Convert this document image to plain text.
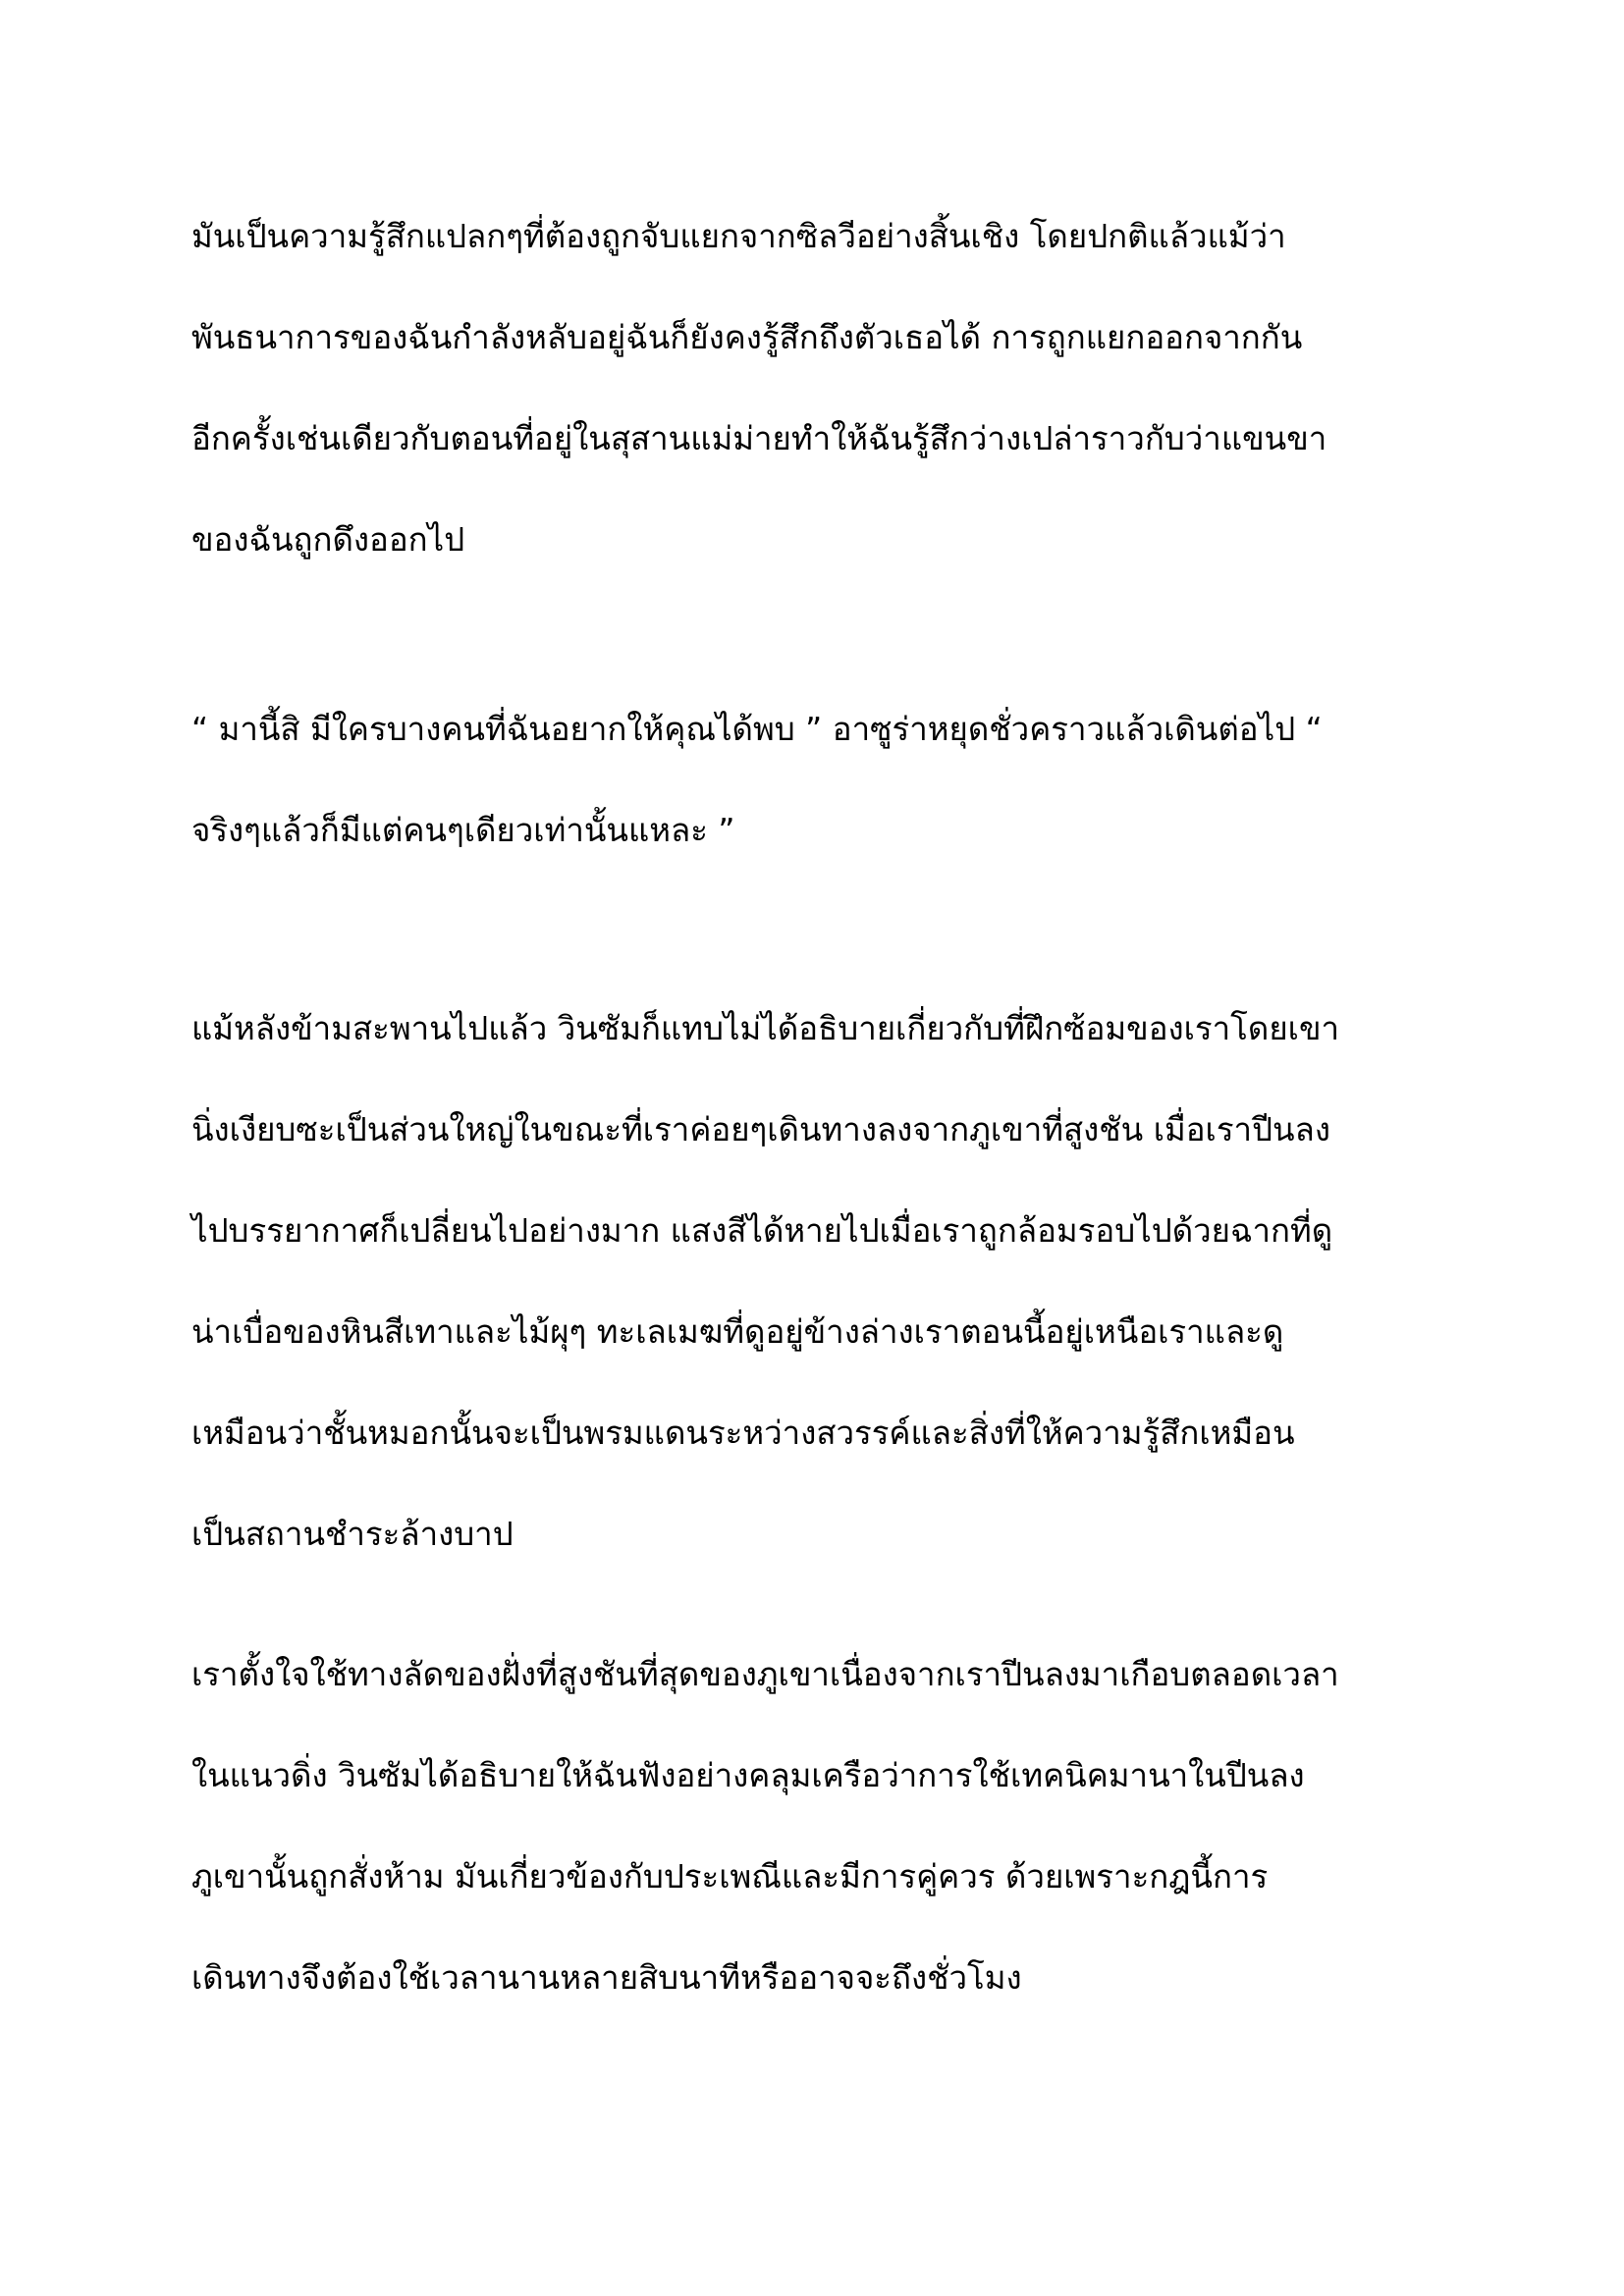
มันเป็นความรู้สึกแปลกๆที่ต้องถูกจับแยกจากซิลวีอย่างสิ้นเชิง โดยปกติแล้วแม้ว่า
พันธนาการของฉันกำลังหลับอยู่ฉันก็ยังคงรู้สึกถึงตัวเธอได้ การถูกแยกออกจากกัน
อีกครั้งเช่นเดียวกับตอนที่อยู่ในสุสานแม่ม่ายทำให้ฉันรู้สึกว่างเปล่าราวกับว่าแขนขา
ของฉันถูกดึงออกไป
“ มานี้สิ มีใครบางคนที่ฉันอยากให้คุณได้พบ ” อาซูร่าหยุดชั่วคราวแล้วเดินต่อไป “
จริงๆแล้วก็มีแต่คนๆเดียวเท่านั้นแหละ ”
แม้หลังข้ามสะพานไปแล้ว วินซัมก็แทบไม่ได้อธิบายเกี่ยวกับที่ฝึกซ้อมของเราโดยเขา
นิ่งเงียบซะเป็นส่วนใหญ่ในขณะที่เราค่อยๆเดินทางลงจากภูเขาที่สูงชัน เมื่อเราปีนลง
ไปบรรยากาศก็เปลี่ยนไปอย่างมาก แสงสีได้หายไปเมื่อเราถูกล้อมรอบไปด้วยฉากที่ดู
น่าเบื่อของหินสีเทาและไม้ผุๆ ทะเลเมฆที่ดูอยู่ข้างล่างเราตอนนี้อยู่เหนือเราและดู
เหมือนว่าชั้นหมอกนั้นจะเป็นพรมแดนระหว่างสวรรค์และสิ่งที่ให้ความรู้สึกเหมือน
เป็นสถานชำระล้างบาป
เราตั้งใจใช้ทางลัดของฝั่งที่สูงชันที่สุดของภูเขาเนื่องจากเราปีนลงมาเกือบตลอดเวลา
ในแนวดิ่ง วินซัมได้อธิบายให้ฉันฟังอย่างคลุมเครือว่าการใช้เทคนิคมานาในปีนลง
ภูเขานั้นถูกสั่งห้าม มันเกี่ยวข้องกับประเพณีและมีการคู่ควร ด้วยเพราะกฎนี้การ
เดินทางจึงต้องใช้เวลานานหลายสิบนาทีหรืออาจจะถึงชั่วโมง
